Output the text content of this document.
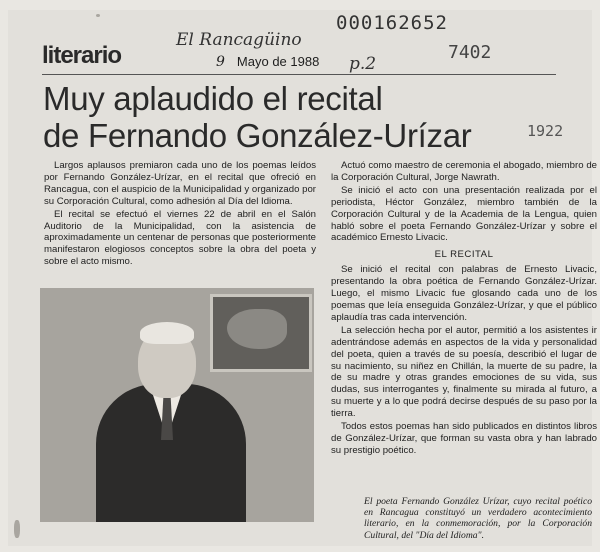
000162652
El Rancagüino
7402
literario	9 Mayo de 1988 p.2
Muy aplaudido el recital
de Fernando González-Urízar	1922

Largos aplausos premiaron cada uno de los poemas leídos por Fernando González-Urízar, en el recital que ofreció en Rancagua, con el auspicio de la Municipalidad y organizado por su Corporación Cultural, como adhesión al Día del Idioma.

El recital se efectuó el viernes 22 de abril en el Salón Auditorio de la Municipalidad, con la asistencia de aproximadamente un centenar de personas que posteriormente manifestaron elogiosos conceptos sobre la obra del poeta y sobre el acto mismo.

Actuó como maestro de ceremonia el abogado, miembro de la Corporación Cultural, Jorge Nawrath.

Se inició el acto con una presentación realizada por el periodista, Héctor González, miembro también de la Corporación Cultural y de la Academia de la Lengua, quien habló sobre el poeta Fernando González-Urízar y sobre el académico Ernesto Livacic.

EL RECITAL

Se inició el recital con palabras de Ernesto Livacic, presentando la obra poética de Fernando González-Urízar. Luego, el mismo Livacic fue glosando cada uno de los poemas que leía enseguida González-Urízar, y que el público aplaudía tras cada intervención.

La selección hecha por el autor, permitió a los asistentes ir adentrándose además en aspectos de la vida y personalidad del poeta, quien a través de su poesía, describió el lugar de su nacimiento, su niñez en Chillán, la muerte de su padre, la de su madre y otras grandes emociones de su vida, sus dudas, sus interrogantes y, finalmente su mirada al futuro, a su muerte y a lo que podrá decirse después de su paso por la tierra.

Todos estos poemas han sido publicados en distintos libros de González-Urízar, que forman su vasta obra y han labrado su prestigio poético.

El poeta Fernando González Urízar, cuyo recital poético en Rancagua constituyó un verdadero acontecimiento literario, en la conmemoración, por la Corporación Cultural, del "Día del Idioma".
